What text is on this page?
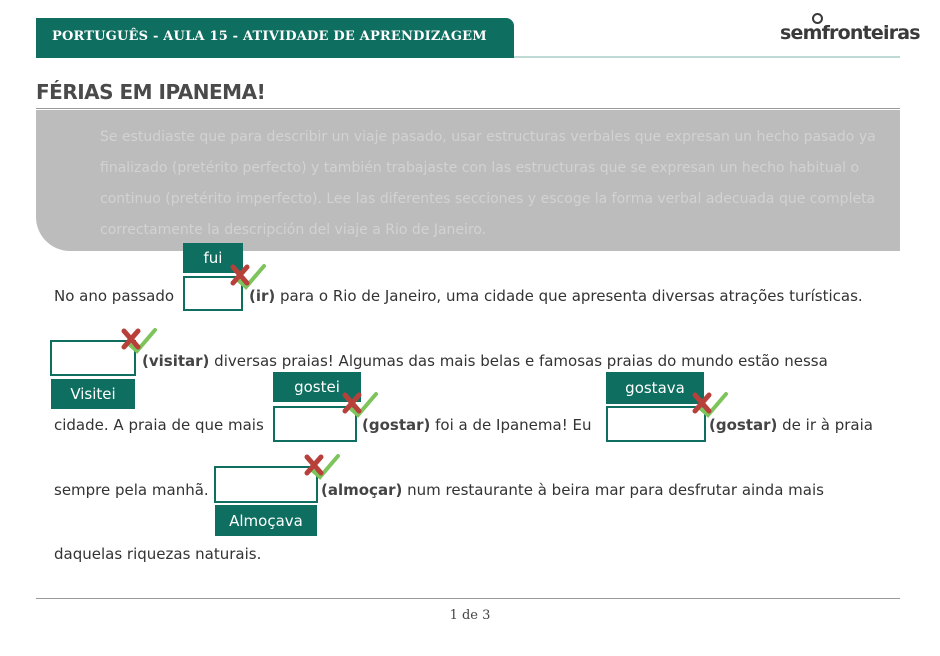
PORTUGUÊS - AULA 15 - ATIVIDADE DE APRENDIZAGEM	semfronteiras
FÉRIAS EM IPANEMA!
Se estudiaste que para describir un viaje pasado, usar estructuras verbales que expresan un hecho pasado ya finalizado (pretérito perfecto) y también trabajaste con las estructuras que se expresan un hecho habitual o continuo (pretérito imperfecto). Lee las diferentes secciones y escoge la forma verbal adecuada que completa correctamente la descripción del viaje a Rio de Janeiro.
No ano passado
fui
(ir) para o Rio de Janeiro, uma cidade que apresenta diversas atrações turísticas.
Visitei
(visitar) diversas praias! Algumas das mais belas e famosas praias do mundo estão nessa
cidade. A praia de que mais
gostei
(gostar) foi a de Ipanema! Eu
gostava
(gostar) de ir à praia
sempre pela manhã.
Almoçava
(almoçar) num restaurante à beira mar para desfrutar ainda mais
daquelas riquezas naturais.
1 de 3
